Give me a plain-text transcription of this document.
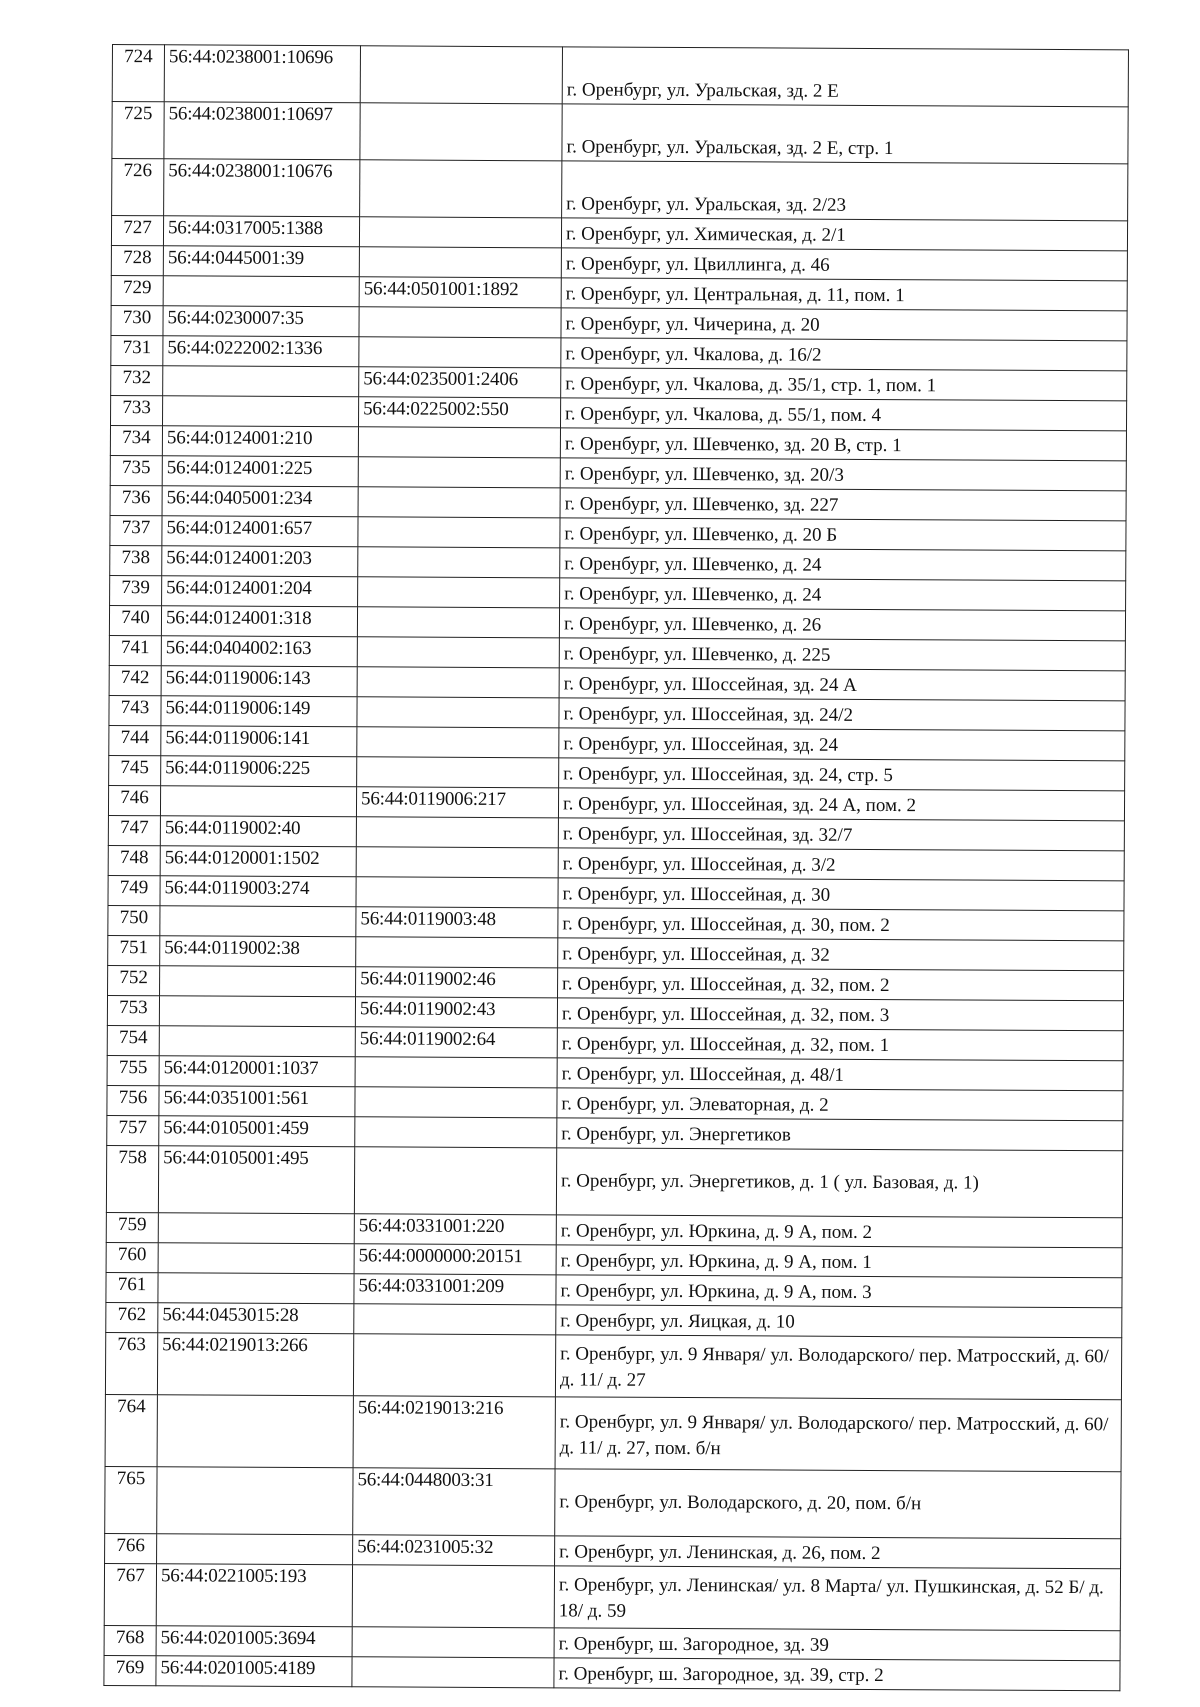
724	56:44:0238001:10696		г. Оренбург, ул. Уральская, зд. 2 Е
725	56:44:0238001:10697		г. Оренбург, ул. Уральская, зд. 2 Е, стр. 1
726	56:44:0238001:10676		г. Оренбург, ул. Уральская, зд. 2/23
727	56:44:0317005:1388		г. Оренбург, ул. Химическая, д. 2/1
728	56:44:0445001:39		г. Оренбург, ул. Цвиллинга, д. 46
729		56:44:0501001:1892	г. Оренбург, ул. Центральная, д. 11, пом. 1
730	56:44:0230007:35		г. Оренбург, ул. Чичерина, д. 20
731	56:44:0222002:1336		г. Оренбург, ул. Чкалова, д. 16/2
732		56:44:0235001:2406	г. Оренбург, ул. Чкалова, д. 35/1, стр. 1, пом. 1
733		56:44:0225002:550	г. Оренбург, ул. Чкалова, д. 55/1, пом. 4
734	56:44:0124001:210		г. Оренбург, ул. Шевченко, зд. 20 В, стр. 1
735	56:44:0124001:225		г. Оренбург, ул. Шевченко, зд. 20/3
736	56:44:0405001:234		г. Оренбург, ул. Шевченко, зд. 227
737	56:44:0124001:657		г. Оренбург, ул. Шевченко, д. 20 Б
738	56:44:0124001:203		г. Оренбург, ул. Шевченко, д. 24
739	56:44:0124001:204		г. Оренбург, ул. Шевченко, д. 24
740	56:44:0124001:318		г. Оренбург, ул. Шевченко, д. 26
741	56:44:0404002:163		г. Оренбург, ул. Шевченко, д. 225
742	56:44:0119006:143		г. Оренбург, ул. Шоссейная, зд. 24 А
743	56:44:0119006:149		г. Оренбург, ул. Шоссейная, зд. 24/2
744	56:44:0119006:141		г. Оренбург, ул. Шоссейная, зд. 24
745	56:44:0119006:225		г. Оренбург, ул. Шоссейная, зд. 24, стр. 5
746		56:44:0119006:217	г. Оренбург, ул. Шоссейная, зд. 24 А, пом. 2
747	56:44:0119002:40		г. Оренбург, ул. Шоссейная, зд. 32/7
748	56:44:0120001:1502		г. Оренбург, ул. Шоссейная, д. 3/2
749	56:44:0119003:274		г. Оренбург, ул. Шоссейная, д. 30
750		56:44:0119003:48	г. Оренбург, ул. Шоссейная, д. 30, пом. 2
751	56:44:0119002:38		г. Оренбург, ул. Шоссейная, д. 32
752		56:44:0119002:46	г. Оренбург, ул. Шоссейная, д. 32, пом. 2
753		56:44:0119002:43	г. Оренбург, ул. Шоссейная, д. 32, пом. 3
754		56:44:0119002:64	г. Оренбург, ул. Шоссейная, д. 32, пом. 1
755	56:44:0120001:1037		г. Оренбург, ул. Шоссейная, д. 48/1
756	56:44:0351001:561		г. Оренбург, ул. Элеваторная, д. 2
757	56:44:0105001:459		г. Оренбург, ул. Энергетиков
758	56:44:0105001:495		г. Оренбург, ул. Энергетиков, д. 1 ( ул. Базовая, д. 1)
759		56:44:0331001:220	г. Оренбург, ул. Юркина, д. 9 А, пом. 2
760		56:44:0000000:20151	г. Оренбург, ул. Юркина, д. 9 А, пом. 1
761		56:44:0331001:209	г. Оренбург, ул. Юркина, д. 9 А, пом. 3
762	56:44:0453015:28		г. Оренбург, ул. Яицкая, д. 10
763	56:44:0219013:266		г. Оренбург, ул. 9 Января/ ул. Володарского/ пер. Матросский, д. 60/ д. 11/ д. 27
764		56:44:0219013:216	г. Оренбург, ул. 9 Января/ ул. Володарского/ пер. Матросский, д. 60/ д. 11/ д. 27, пом. б/н
765		56:44:0448003:31	г. Оренбург, ул. Володарского, д. 20, пом. б/н
766		56:44:0231005:32	г. Оренбург, ул. Ленинская, д. 26, пом. 2
767	56:44:0221005:193		г. Оренбург, ул. Ленинская/ ул. 8 Марта/ ул. Пушкинская, д. 52 Б/ д. 18/ д. 59
768	56:44:0201005:3694		г. Оренбург, ш. Загородное, зд. 39
769	56:44:0201005:4189		г. Оренбург, ш. Загородное, зд. 39, стр. 2
